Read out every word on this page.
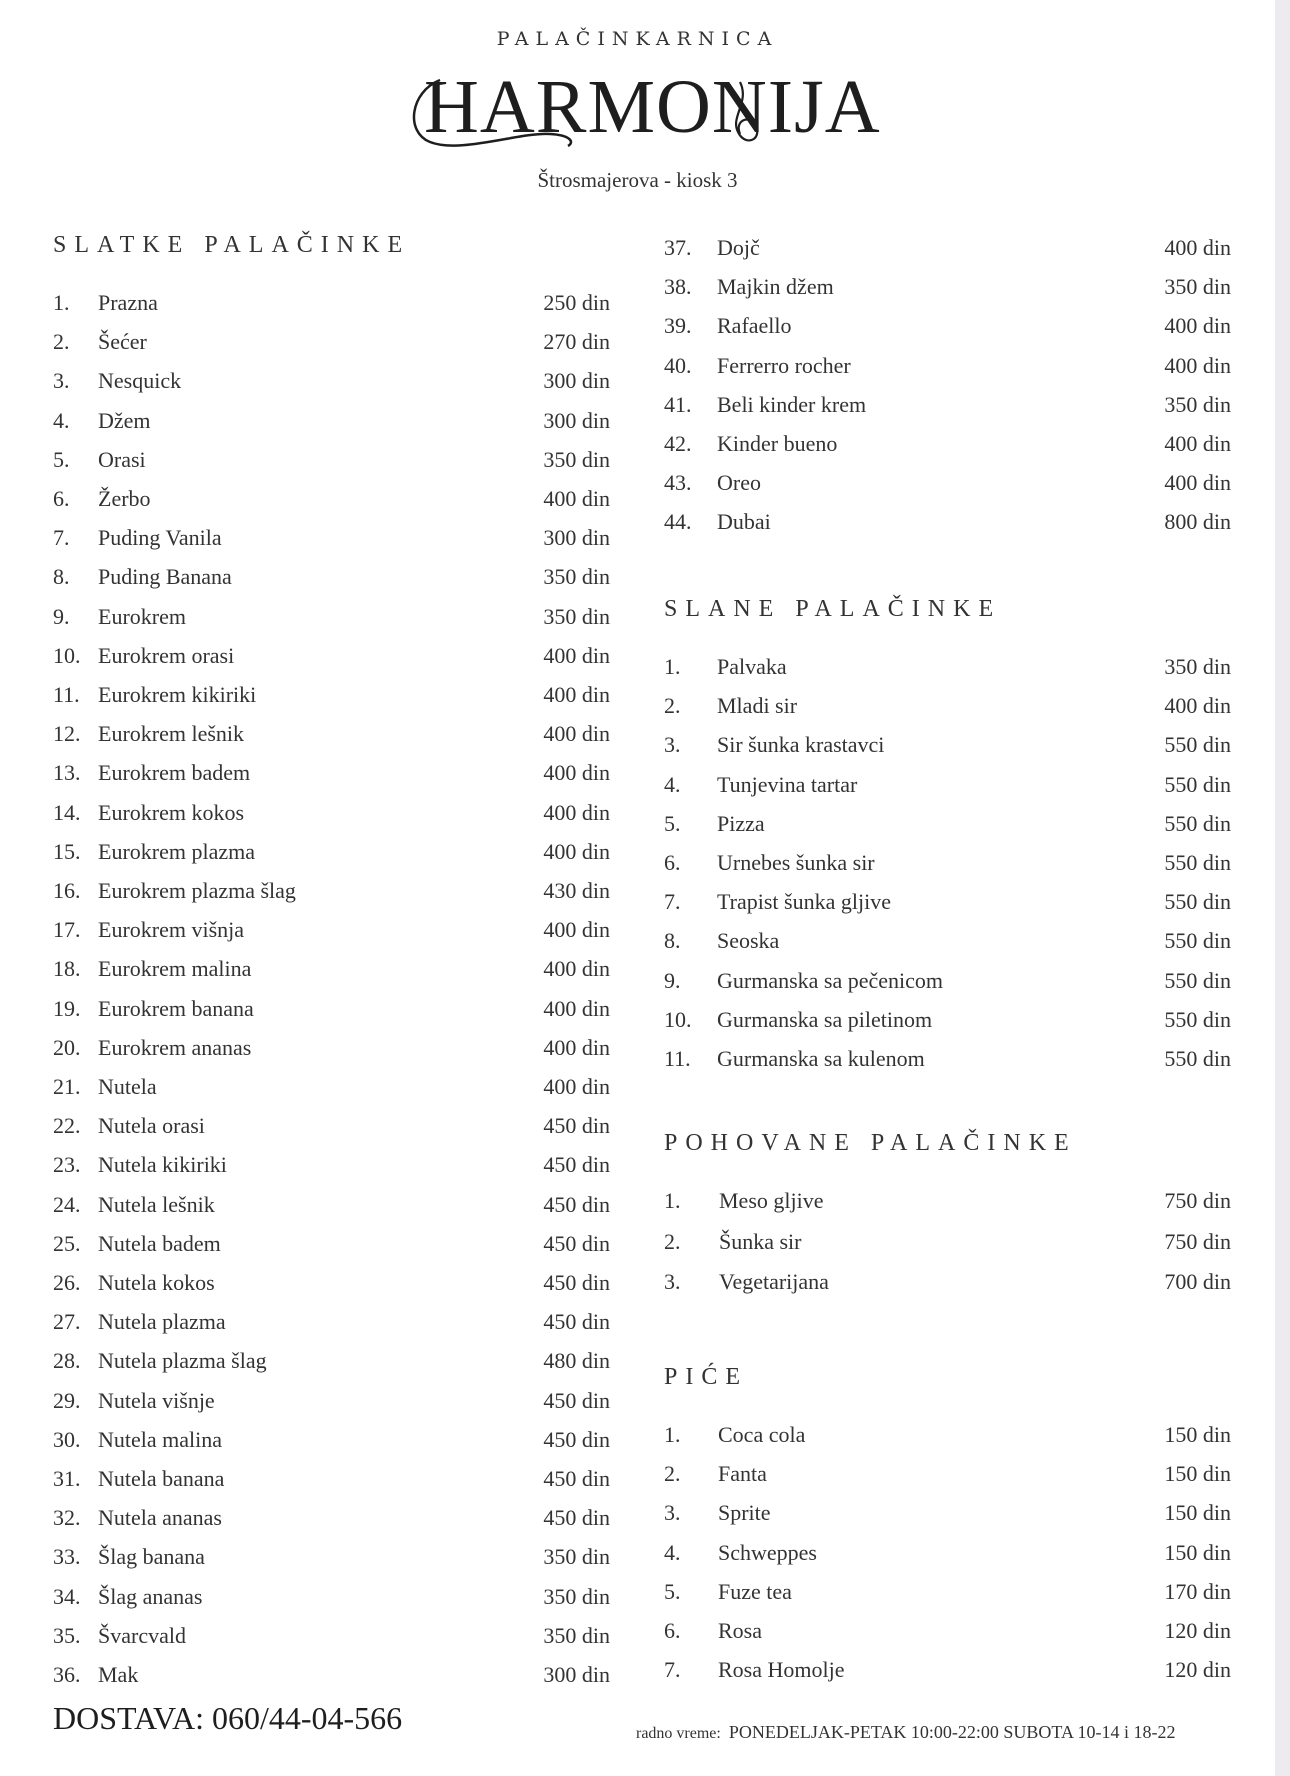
PALAČINKARNICA
HARMONIJA
Štrosmajerova - kiosk 3
SLATKE PALAČINKE
1. Prazna	250 din
2. Šećer	270 din
3. Nesquick	300 din
4. Džem	300 din
5. Orasi	350 din
6. Žerbo	400 din
7. Puding Vanila	300 din
8. Puding Banana	350 din
9. Eurokrem	350 din
10. Eurokrem orasi	400 din
11. Eurokrem kikiriki	400 din
12. Eurokrem lešnik	400 din
13. Eurokrem badem	400 din
14. Eurokrem kokos	400 din
15. Eurokrem plazma	400 din
16. Eurokrem plazma šlag	430 din
17. Eurokrem višnja	400 din
18. Eurokrem malina	400 din
19. Eurokrem banana	400 din
20. Eurokrem ananas	400 din
21. Nutela	400 din
22. Nutela orasi	450 din
23. Nutela kikiriki	450 din
24. Nutela lešnik	450 din
25. Nutela badem	450 din
26. Nutela kokos	450 din
27. Nutela plazma	450 din
28. Nutela plazma šlag	480 din
29. Nutela višnje	450 din
30. Nutela malina	450 din
31. Nutela banana	450 din
32. Nutela ananas	450 din
33. Šlag banana	350 din
34. Šlag ananas	350 din
35. Švarcvald	350 din
36. Mak	300 din
37. Dojč	400 din
38. Majkin džem	350 din
39. Rafaello	400 din
40. Ferrerro rocher	400 din
41. Beli kinder krem	350 din
42. Kinder bueno	400 din
43. Oreo	400 din
44. Dubai	800 din
SLANE PALAČINKE
1. Palvaka	350 din
2. Mladi sir	400 din
3. Sir šunka krastavci	550 din
4. Tunjevina tartar	550 din
5. Pizza	550 din
6. Urnebes šunka sir	550 din
7. Trapist šunka gljive	550 din
8. Seoska	550 din
9. Gurmanska sa pečenicom	550 din
10. Gurmanska sa piletinom	550 din
11. Gurmanska sa kulenom	550 din
POHOVANE PALAČINKE
1. Meso gljive	750 din
2. Šunka sir	750 din
3. Vegetarijana	700 din
PIĆE
1. Coca cola	150 din
2. Fanta	150 din
3. Sprite	150 din
4. Schweppes	150 din
5. Fuze tea	170 din
6. Rosa	120 din
7. Rosa Homolje	120 din
DOSTAVA: 060/44-04-566	radno vreme: PONEDELJAK-PETAK 10:00-22:00 SUBOTA 10-14 i 18-22
